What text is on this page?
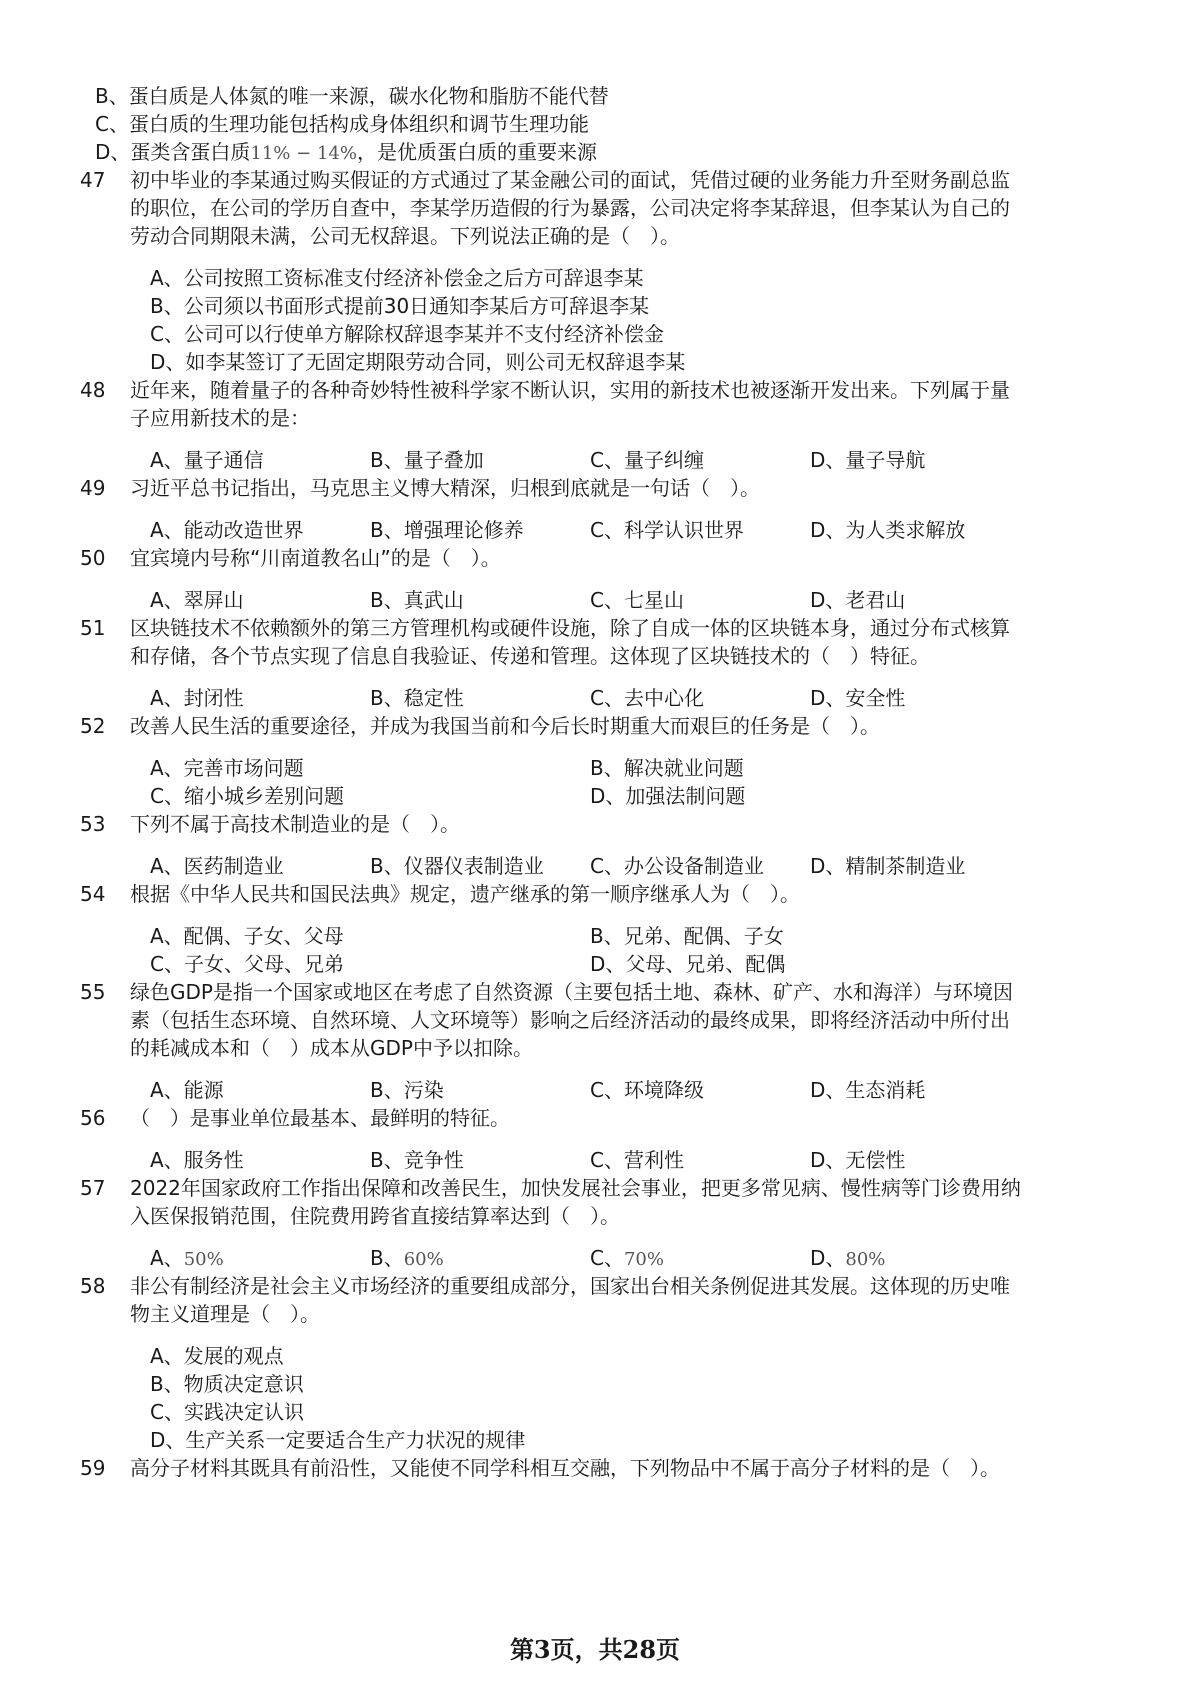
B、蛋白质是人体氮的唯一来源，碳水化物和脂肪不能代替
C、蛋白质的生理功能包括构成身体组织和调节生理功能
D、蛋类含蛋白质11% − 14%，是优质蛋白质的重要来源
47 初中毕业的李某通过购买假证的方式通过了某金融公司的面试，凭借过硬的业务能力升至财务副总监
的职位，在公司的学历自查中，李某学历造假的行为暴露，公司决定将李某辞退，但李某认为自己的
劳动合同期限未满，公司无权辞退。下列说法正确的是（　）。
A、公司按照工资标准支付经济补偿金之后方可辞退李某
B、公司须以书面形式提前30日通知李某后方可辞退李某
C、公司可以行使单方解除权辞退李某并不支付经济补偿金
D、如李某签订了无固定期限劳动合同，则公司无权辞退李某
48 近年来，随着量子的各种奇妙特性被科学家不断认识，实用的新技术也被逐渐开发出来。下列属于量
子应用新技术的是：
A、量子通信	B、量子叠加	C、量子纠缠	D、量子导航
49 习近平总书记指出，马克思主义博大精深，归根到底就是一句话（　）。
A、能动改造世界	B、增强理论修养	C、科学认识世界	D、为人类求解放
50 宜宾境内号称“川南道教名山”的是（　）。
A、翠屏山	B、真武山	C、七星山	D、老君山
51 区块链技术不依赖额外的第三方管理机构或硬件设施，除了自成一体的区块链本身，通过分布式核算
和存储，各个节点实现了信息自我验证、传递和管理。这体现了区块链技术的（　）特征。
A、封闭性	B、稳定性	C、去中心化	D、安全性
52 改善人民生活的重要途径，并成为我国当前和今后长时期重大而艰巨的任务是（　）。
A、完善市场问题	B、解决就业问题
C、缩小城乡差别问题	D、加强法制问题
53 下列不属于高技术制造业的是（　）。
A、医药制造业	B、仪器仪表制造业 C、办公设备制造业 D、精制茶制造业
54 根据《中华人民共和国民法典》规定，遗产继承的第一顺序继承人为（　）。
A、配偶、子女、父母	B、兄弟、配偶、子女
C、子女、父母、兄弟	D、父母、兄弟、配偶
55 绿色GDP是指一个国家或地区在考虑了自然资源（主要包括土地、森林、矿产、水和海洋）与环境因
素（包括生态环境、自然环境、人文环境等）影响之后经济活动的最终成果，即将经济活动中所付出
的耗减成本和（　）成本从GDP中予以扣除。
A、能源	B、污染	C、环境降级	D、生态消耗
56 （　）是事业单位最基本、最鲜明的特征。
A、服务性	B、竞争性	C、营利性	D、无偿性
57 2022年国家政府工作指出保障和改善民生，加快发展社会事业，把更多常见病、慢性病等门诊费用纳
入医保报销范围，住院费用跨省直接结算率达到（　）。
A、50%	B、60%	C、70%	D、80%
58 非公有制经济是社会主义市场经济的重要组成部分，国家出台相关条例促进其发展。这体现的历史唯
物主义道理是（　）。
A、发展的观点
B、物质决定意识
C、实践决定认识
D、生产关系一定要适合生产力状况的规律
59 高分子材料其既具有前沿性，又能使不同学科相互交融，下列物品中不属于高分子材料的是（　）。
第3页，共28页
